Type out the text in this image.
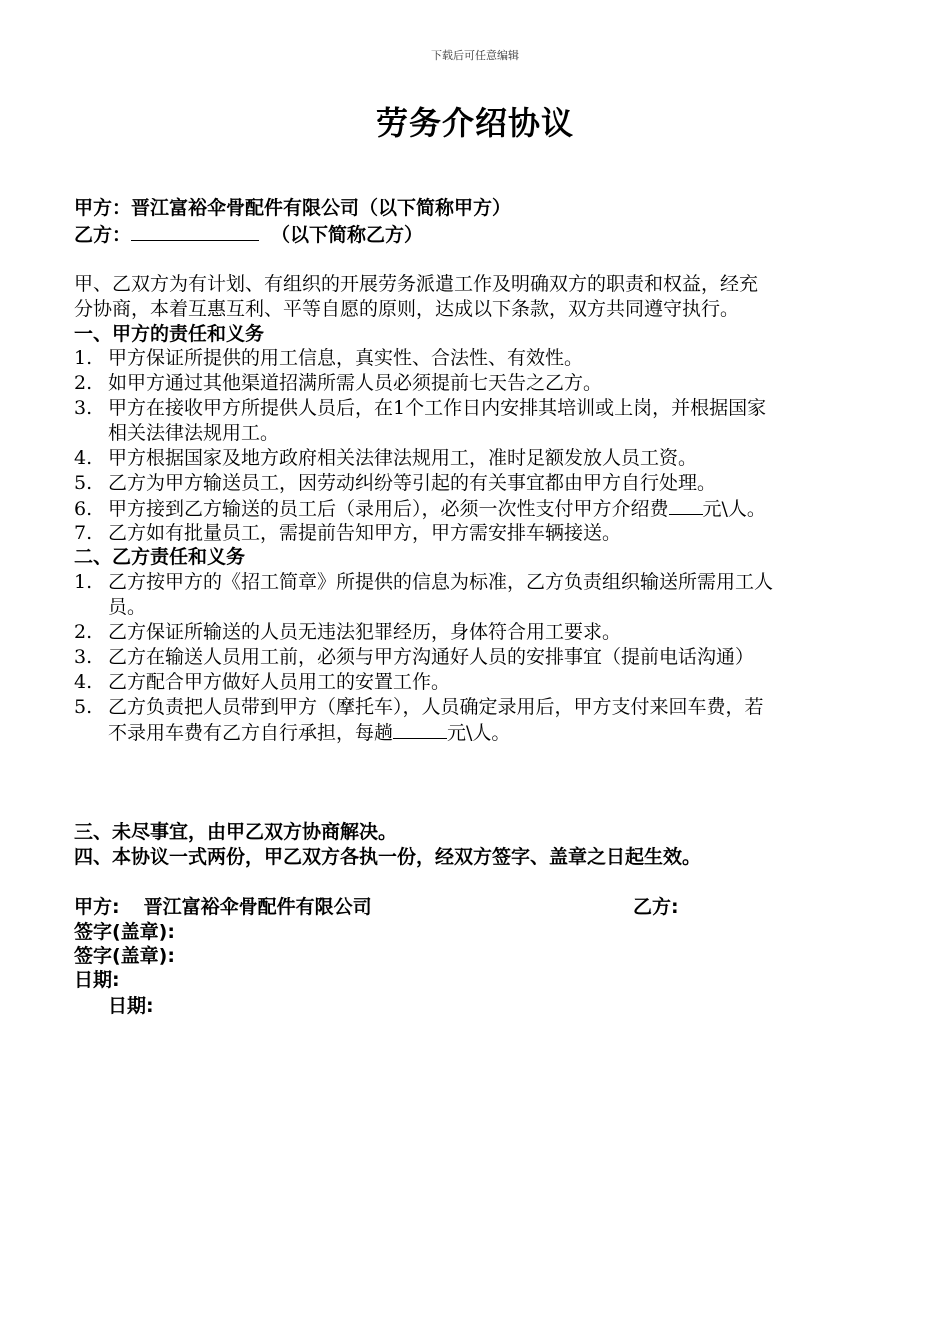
下载后可任意编辑
劳务介绍协议
甲方：晋江富裕伞骨配件有限公司（以下简称甲方）
乙方：	（以下简称乙方）
甲、乙双方为有计划、有组织的开展劳务派遣工作及明确双方的职责和权益，经充
分协商，本着互惠互利、平等自愿的原则，达成以下条款，双方共同遵守执行。
一、甲方的责任和义务
1. 甲方保证所提供的用工信息，真实性、合法性、有效性。
2. 如甲方通过其他渠道招满所需人员必须提前七天告之乙方。
3. 甲方在接收甲方所提供人员后，在1个工作日内安排其培训或上岗，并根据国家
相关法律法规用工。
4. 甲方根据国家及地方政府相关法律法规用工，准时足额发放人员工资。
5. 乙方为甲方输送员工，因劳动纠纷等引起的有关事宜都由甲方自行处理。
6. 甲方接到乙方输送的员工后（录用后），必须一次性支付甲方介绍费 元\人。
7. 乙方如有批量员工，需提前告知甲方，甲方需安排车辆接送。
二、乙方责任和义务
1. 乙方按甲方的《招工简章》所提供的信息为标准，乙方负责组织输送所需用工人
员。
2. 乙方保证所输送的人员无违法犯罪经历，身体符合用工要求。
3. 乙方在输送人员用工前，必须与甲方沟通好人员的安排事宜（提前电话沟通）
4. 乙方配合甲方做好人员用工的安置工作。
5. 乙方负责把人员带到甲方（摩托车），人员确定录用后，甲方支付来回车费，若
不录用车费有乙方自行承担，每趟	元\人。
三、未尽事宜，由甲乙双方协商解决。
四、本协议一式两份，甲乙双方各执一份，经双方签字、盖章之日起生效。
甲方: 晋江富裕伞骨配件有限公司	乙方:
签字(盖章):
签字(盖章):
日期:
日期:
